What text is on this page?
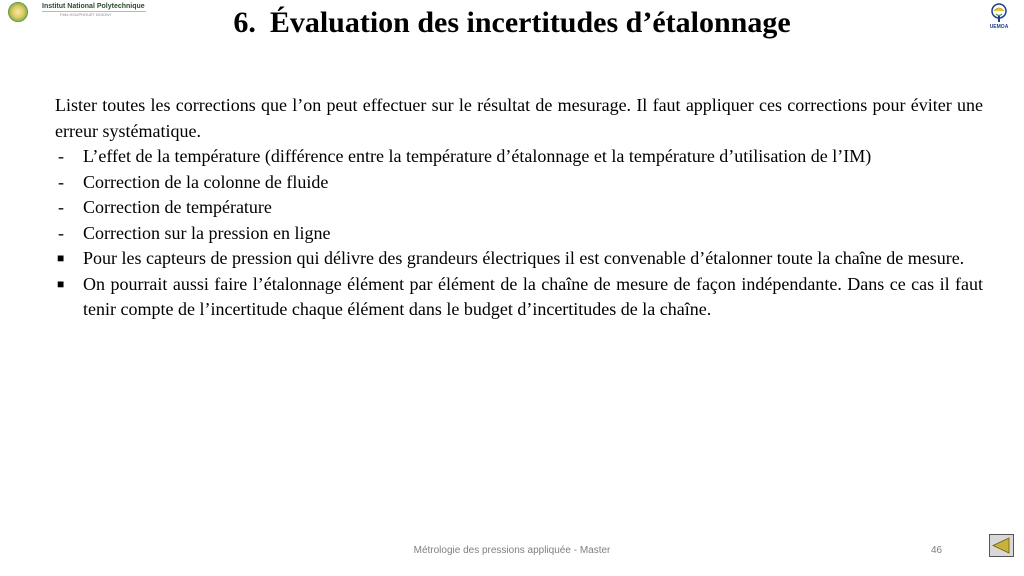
Institut National Polytechnique
Félix HOUPHOUËT BOIGNY
UEMOA
6. Évaluation des incertitudes d’étalonnage

Lister toutes les corrections que l’on peut effectuer sur le résultat de mesurage. Il faut appliquer ces corrections pour éviter une erreur systématique.

-	L’effet de la température (différence entre la température d’étalonnage et la température d’utilisation de l’IM)
-	Correction de la colonne de fluide
-	Correction de température
-	Correction sur la pression en ligne
■	Pour les capteurs de pression qui délivre des grandeurs électriques il est convenable d’étalonner toute la chaîne de mesure.
■	On pourrait aussi faire l’étalonnage élément par élément de la chaîne de mesure de façon indépendante. Dans ce cas il faut tenir compte de l’incertitude chaque élément dans le budget d’incertitudes de la chaîne.
Métrologie des pressions appliquée - Master	46
